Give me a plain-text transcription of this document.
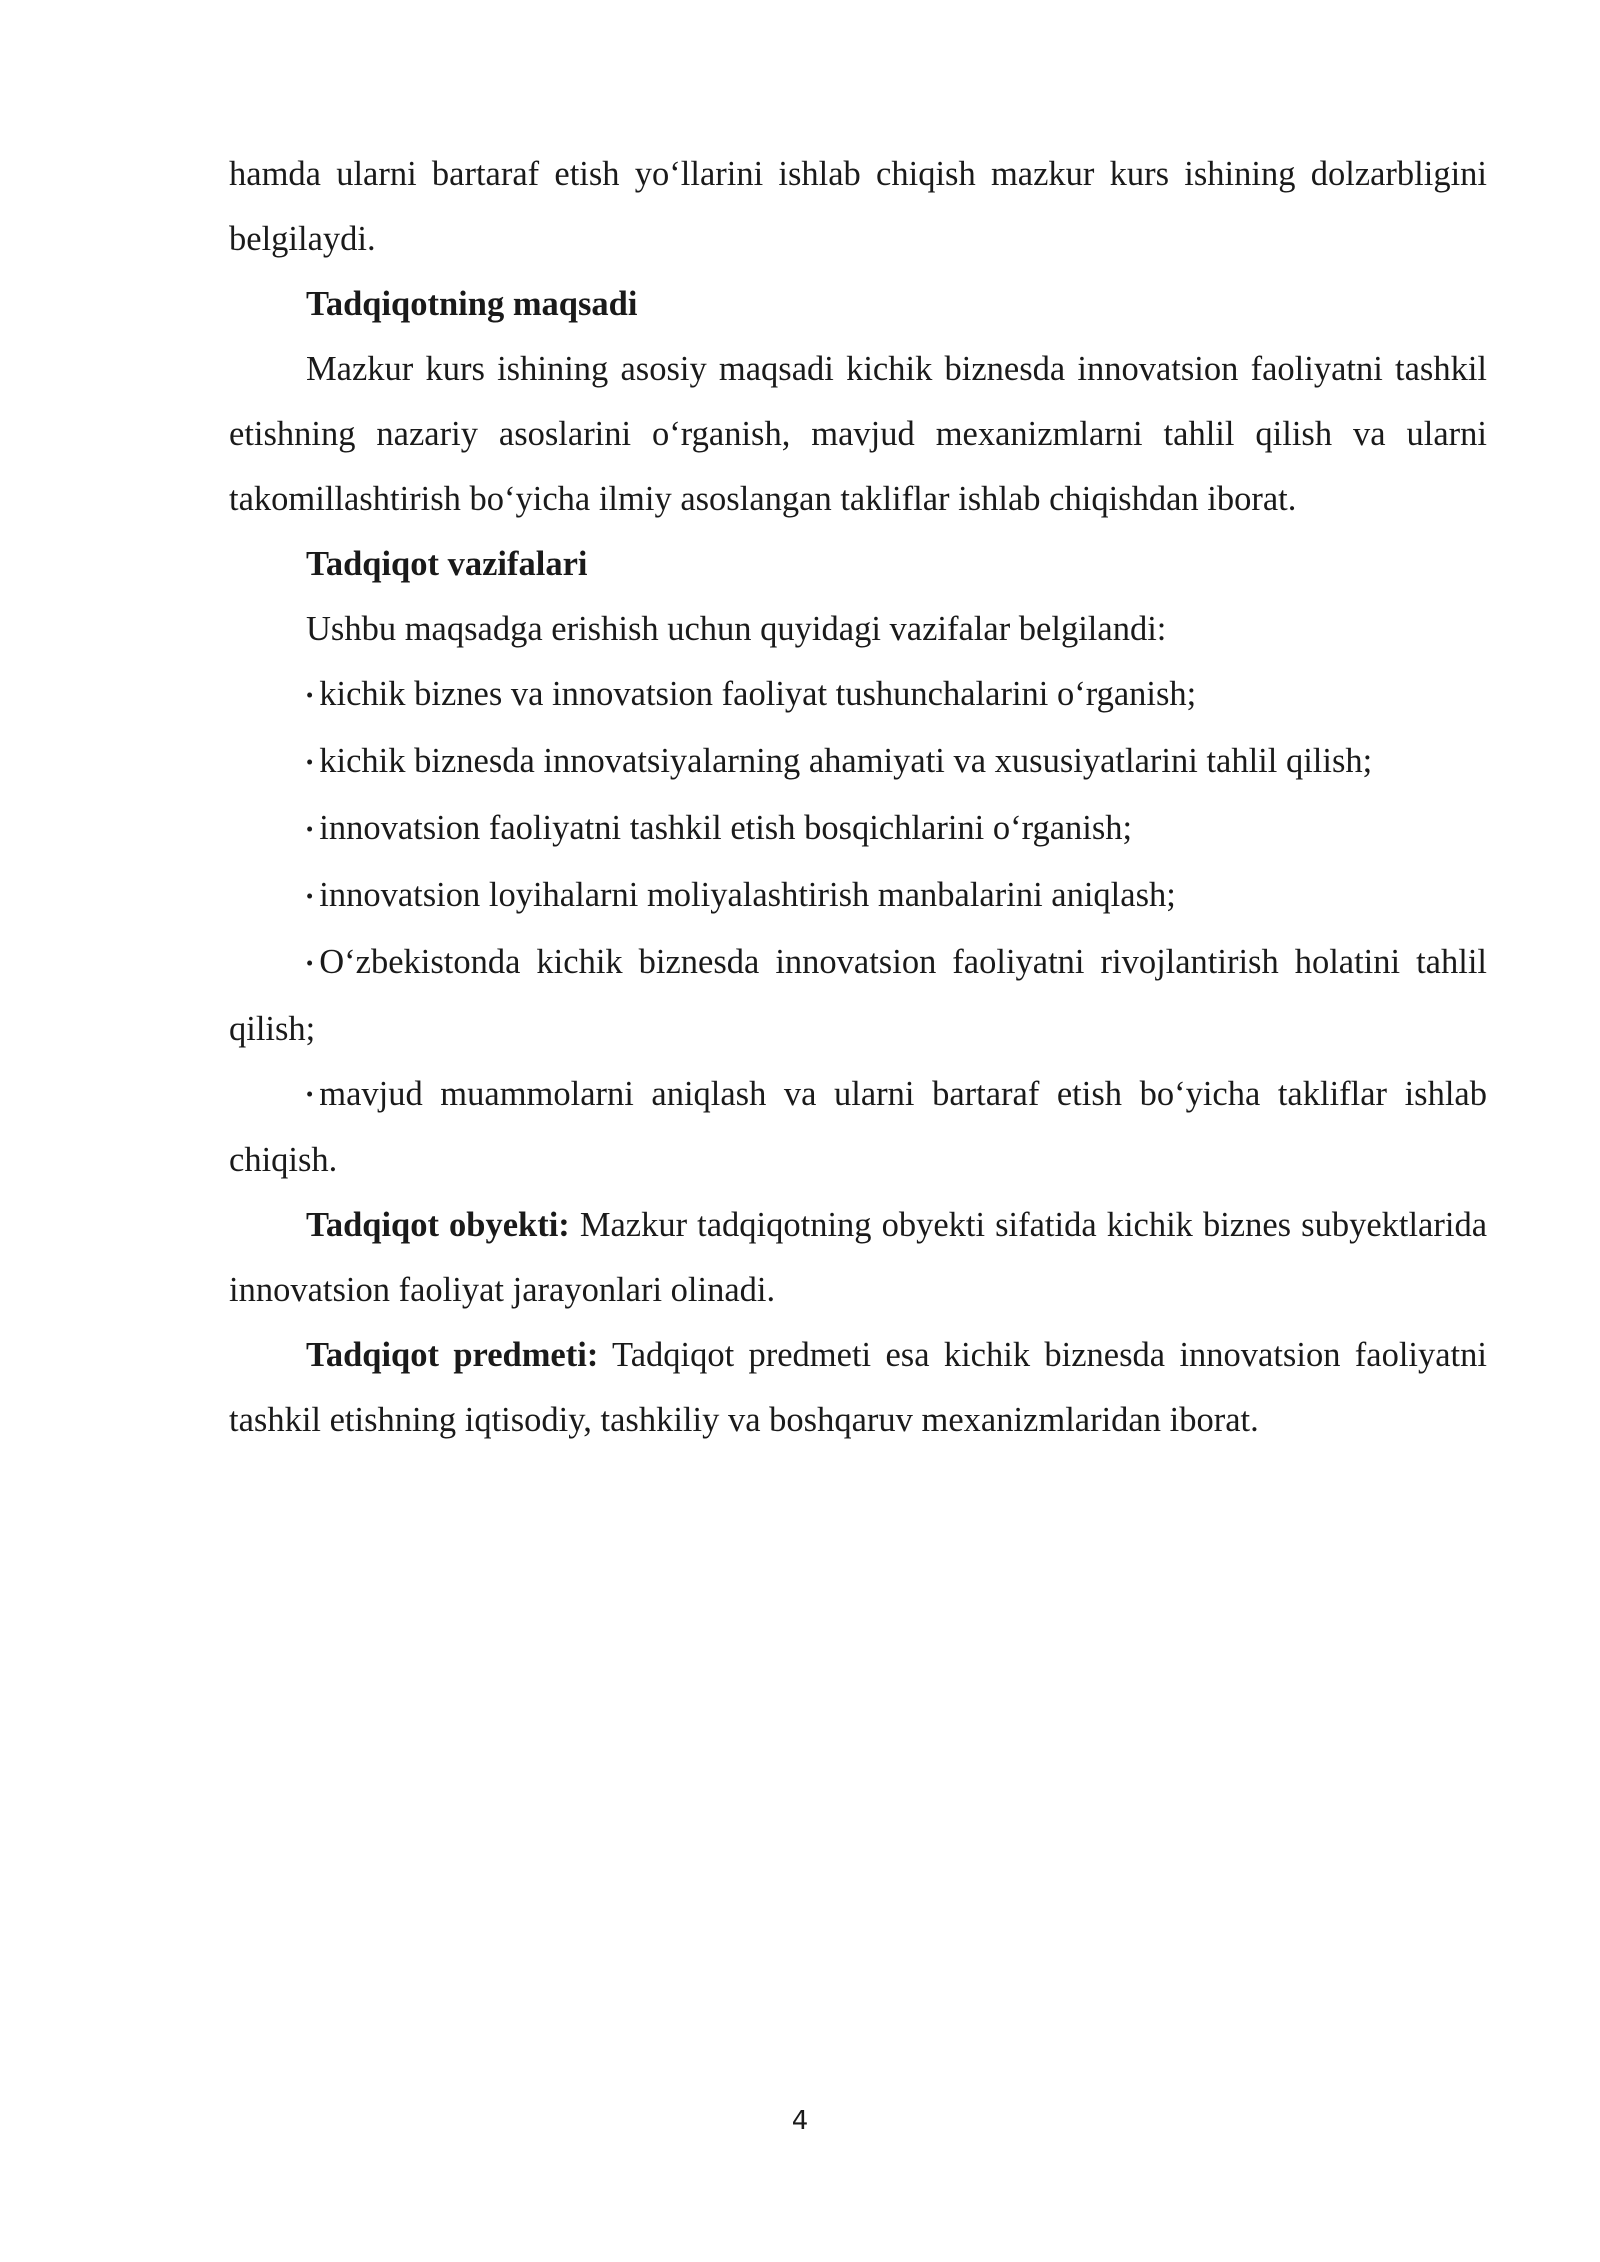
hamda ularni bartaraf etish yo‘llarini ishlab chiqish mazkur kurs ishining dolzarbligini belgilaydi.

Tadqiqotning maqsadi

Mazkur kurs ishining asosiy maqsadi kichik biznesda innovatsion faoliyatni tashkil etishning nazariy asoslarini o‘rganish, mavjud mexanizmlarni tahlil qilish va ularni takomillashtirish bo‘yicha ilmiy asoslangan takliflar ishlab chiqishdan iborat.

Tadqiqot vazifalari

Ushbu maqsadga erishish uchun quyidagi vazifalar belgilandi:

• kichik biznes va innovatsion faoliyat tushunchalarini o‘rganish;

• kichik biznesda innovatsiyalarning ahamiyati va xususiyatlarini tahlil qilish;

• innovatsion faoliyatni tashkil etish bosqichlarini o‘rganish;

• innovatsion loyihalarni moliyalashtirish manbalarini aniqlash;

• O‘zbekistonda kichik biznesda innovatsion faoliyatni rivojlantirish holatini tahlil qilish;

• mavjud muammolarni aniqlash va ularni bartaraf etish bo‘yicha takliflar ishlab chiqish.

Tadqiqot obyekti: Mazkur tadqiqotning obyekti sifatida kichik biznes subyektlarida innovatsion faoliyat jarayonlari olinadi.

Tadqiqot predmeti: Tadqiqot predmeti esa kichik biznesda innovatsion faoliyatni tashkil etishning iqtisodiy, tashkiliy va boshqaruv mexanizmlaridan iborat.

4
